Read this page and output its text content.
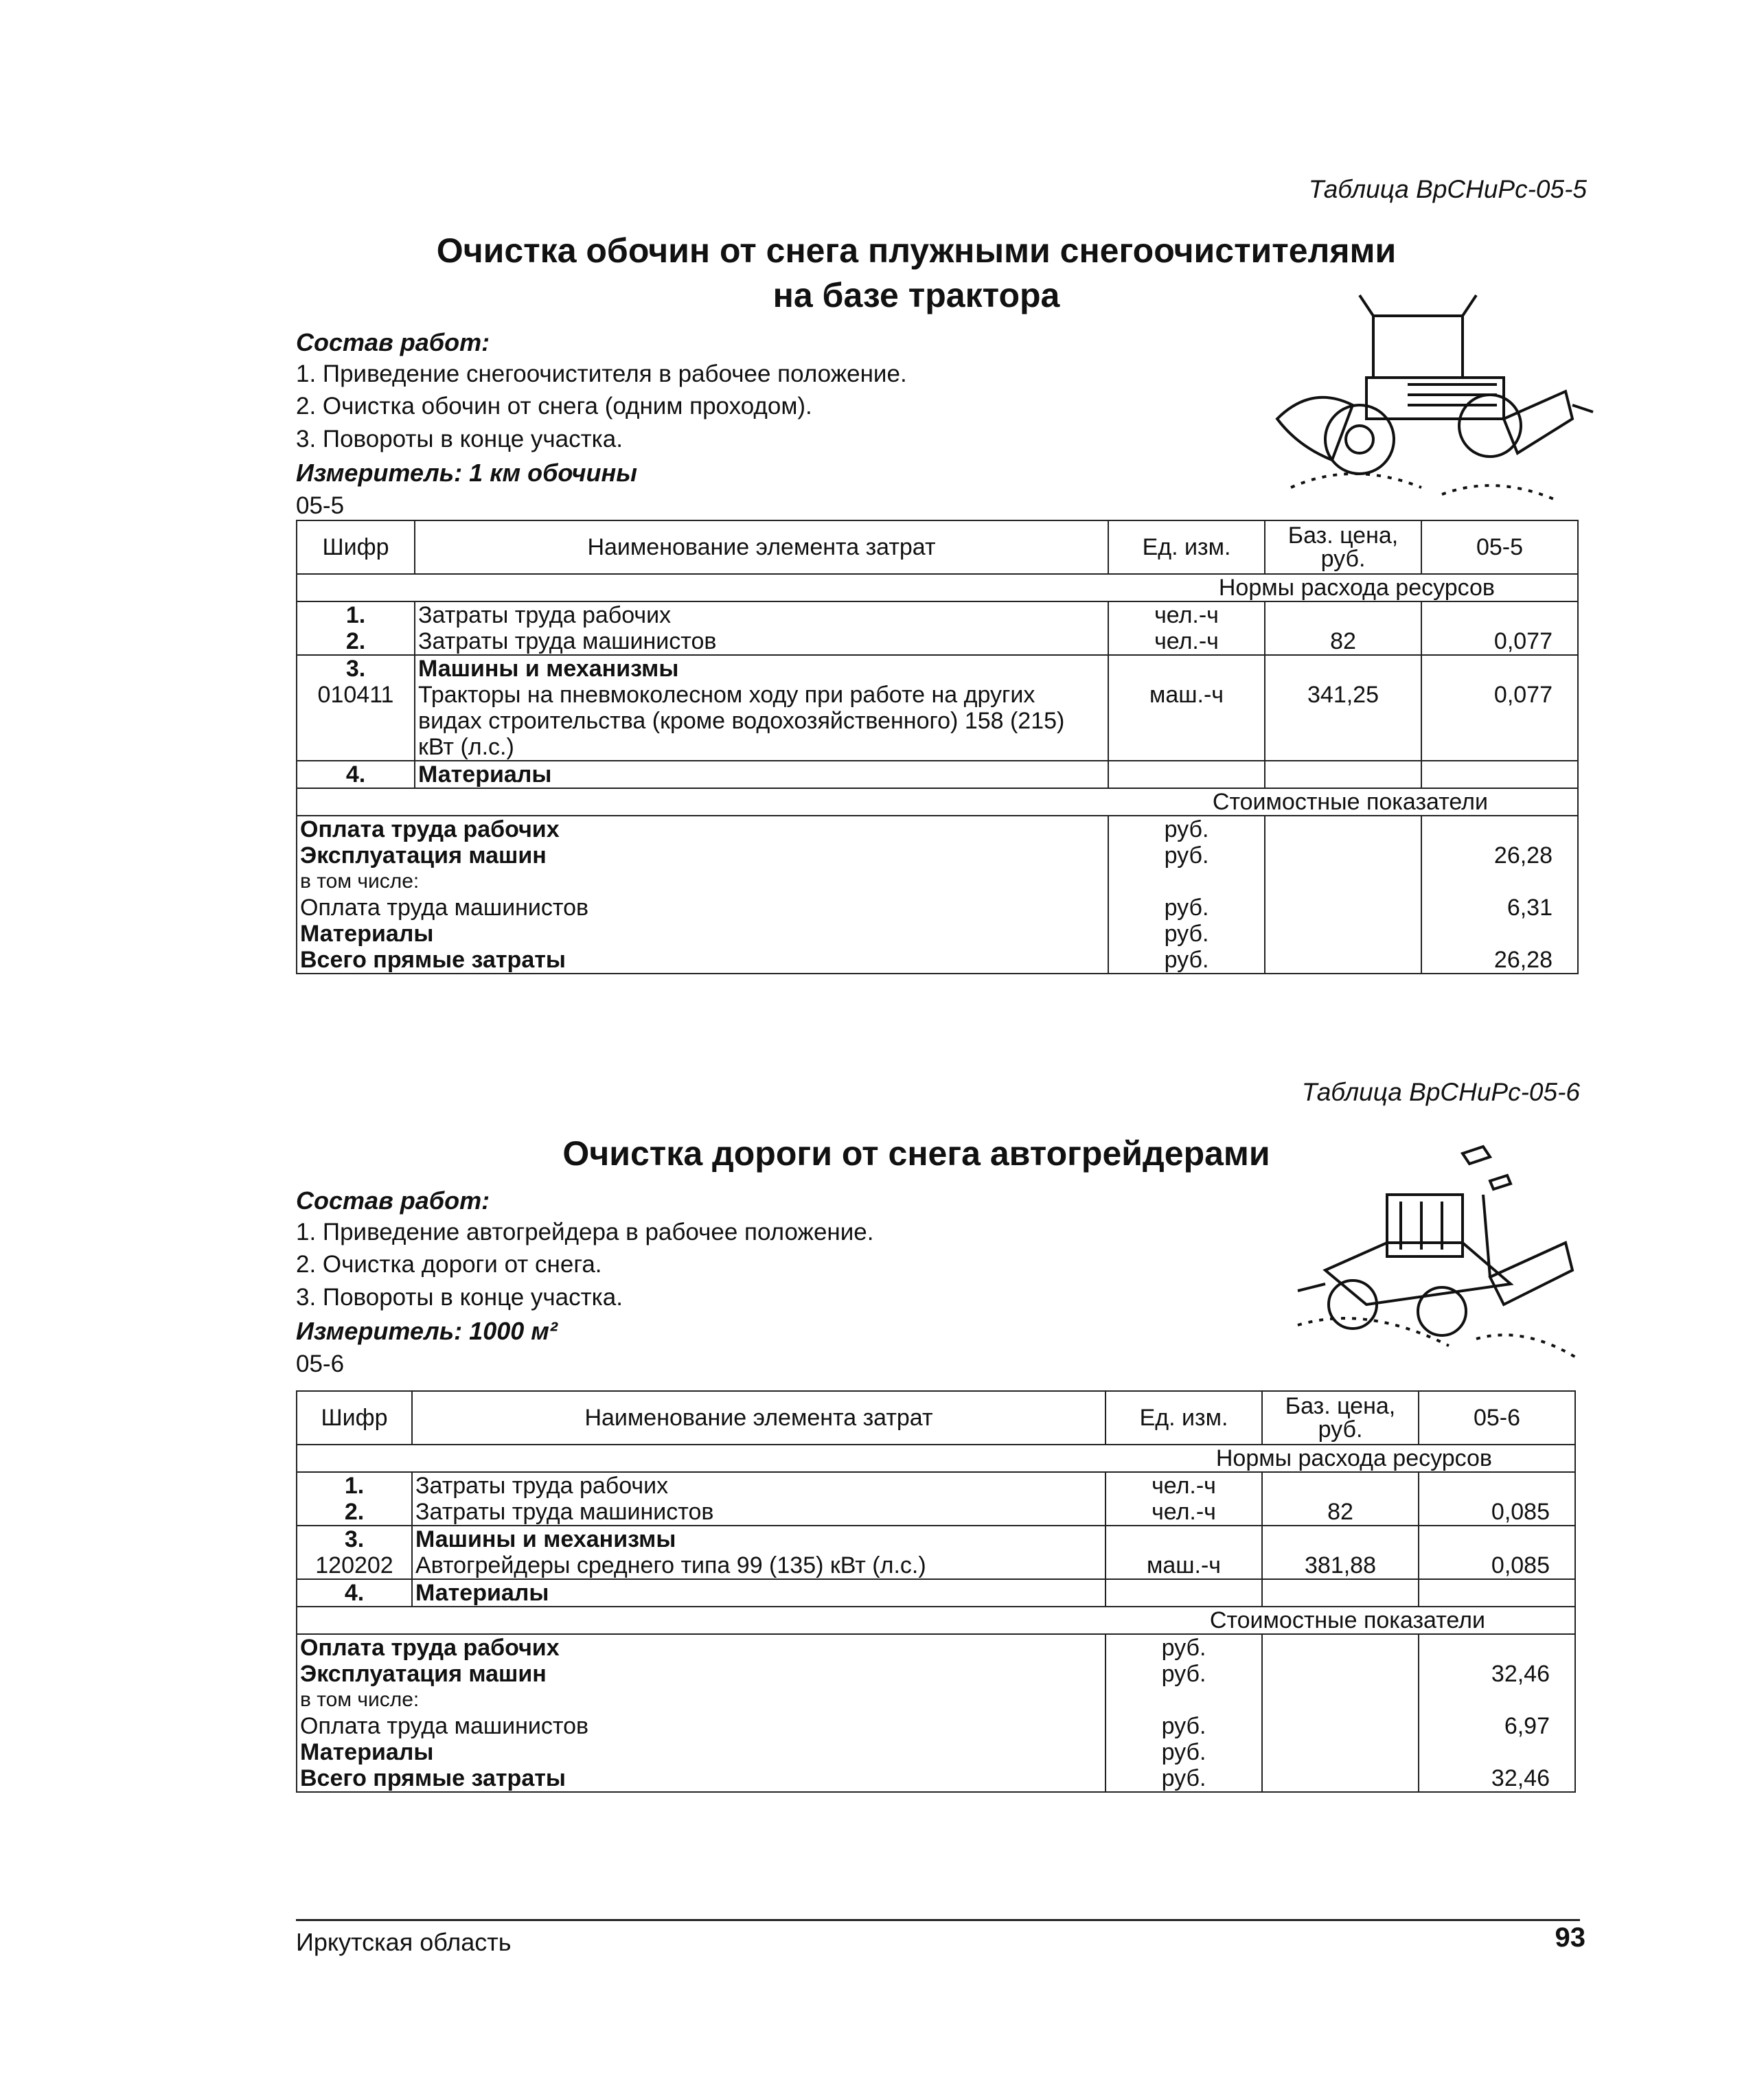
Таблица ВрСНиРс-05-5
Очистка обочин от снега плужными снегоочистителями
на базе трактора
Состав работ:
1. Приведение снегоочистителя в рабочее положение.
2. Очистка обочин от снега (одним проходом).
3. Повороты в конце участка.
Измеритель: 1 км обочины
05-5
Шифр	Наименование элемента затрат	Ед. изм.	Баз. цена, руб.	05-5
Нормы расхода ресурсов				
1.	Затраты труда рабочих	чел.-ч		
2.	Затраты труда машинистов	чел.-ч	82	0,077
3.	Машины и механизмы			
010411	Тракторы на пневмоколесном ходу при работе на других видах строительства (кроме водохозяйственного) 158 (215) кВт (л.с.)	маш.-ч	341,25	0,077
4.	Материалы			
Стоимостные показатели				
Оплата труда рабочих		руб.		
Эксплуатация машин		руб.		26,28
в том числе:				
Оплата труда машинистов		руб.		6,31
Материалы		руб.		
Всего прямые затраты		руб.		26,28
Таблица ВрСНиРс-05-6
Очистка дороги от снега автогрейдерами
Состав работ:
1. Приведение автогрейдера в рабочее положение.
2. Очистка дороги от снега.
3. Повороты в конце участка.
Измеритель: 1000 м²
05-6
Шифр	Наименование элемента затрат	Ед. изм.	Баз. цена, руб.	05-6
Нормы расхода ресурсов				
1.	Затраты труда рабочих	чел.-ч		
2.	Затраты труда машинистов	чел.-ч	82	0,085
3.	Машины и механизмы			
120202	Автогрейдеры среднего типа 99 (135) кВт (л.с.)	маш.-ч	381,88	0,085
4.	Материалы			
Стоимостные показатели				
Оплата труда рабочих		руб.		
Эксплуатация машин		руб.		32,46
в том числе:				
Оплата труда машинистов		руб.		6,97
Материалы		руб.		
Всего прямые затраты		руб.		32,46
Иркутская область	93
